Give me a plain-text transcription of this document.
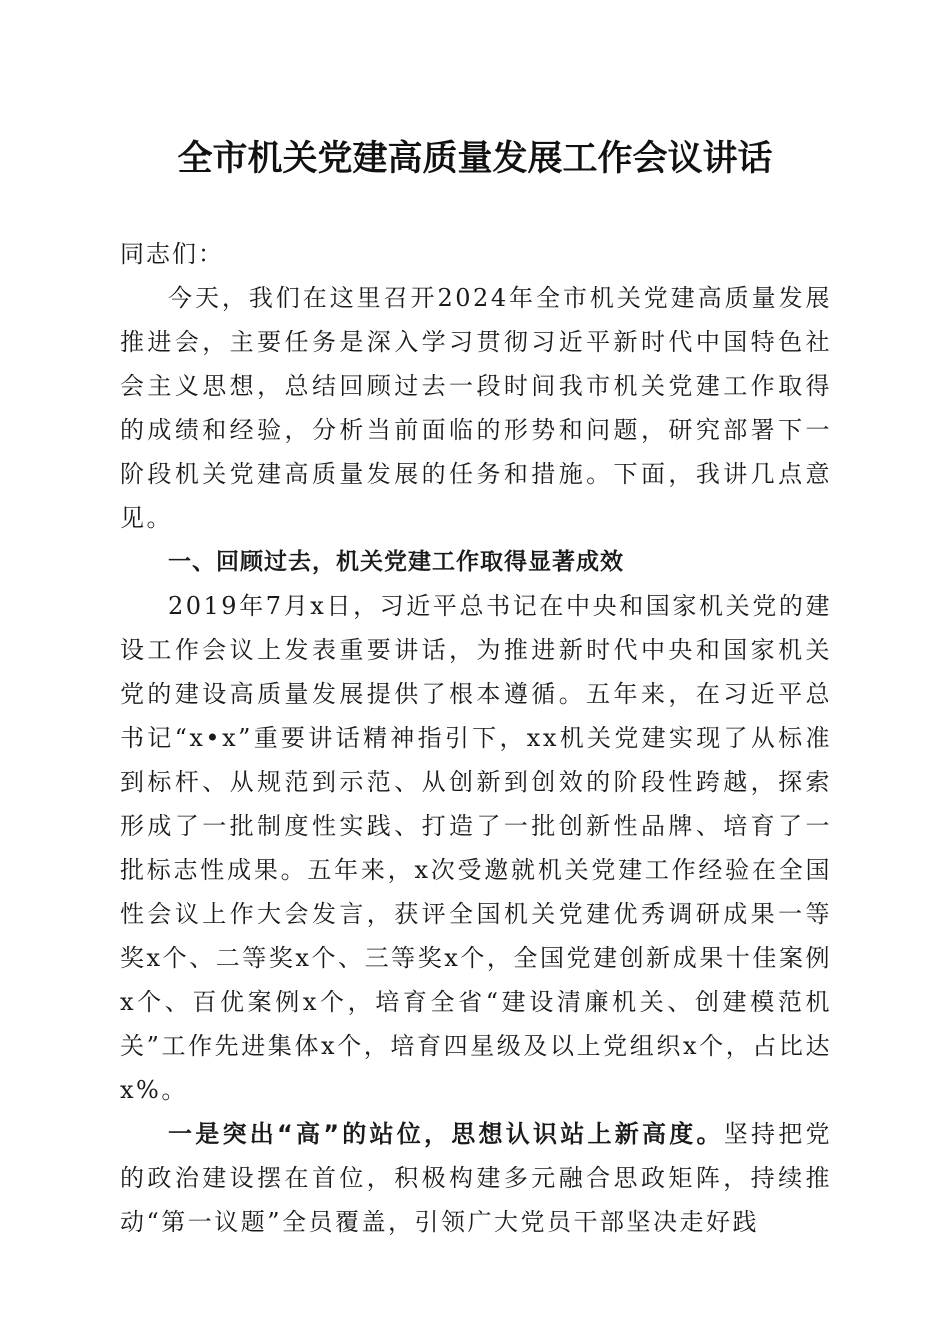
全市机关党建高质量发展工作会议讲话

同志们：

今天，我们在这里召开2024年全市机关党建高质量发展推进会，主要任务是深入学习贯彻习近平新时代中国特色社会主义思想，总结回顾过去一段时间我市机关党建工作取得的成绩和经验，分析当前面临的形势和问题，研究部署下一阶段机关党建高质量发展的任务和措施。下面，我讲几点意见。

一、回顾过去，机关党建工作取得显著成效

2019年7月x日，习近平总书记在中央和国家机关党的建设工作会议上发表重要讲话，为推进新时代中央和国家机关党的建设高质量发展提供了根本遵循。五年来，在习近平总书记“x•x”重要讲话精神指引下，xx机关党建实现了从标准到标杆、从规范到示范、从创新到创效的阶段性跨越，探索形成了一批制度性实践、打造了一批创新性品牌、培育了一批标志性成果。五年来，x次受邀就机关党建工作经验在全国性会议上作大会发言，获评全国机关党建优秀调研成果一等奖x个、二等奖x个、三等奖x个，全国党建创新成果十佳案例x个、百优案例x个，培育全省“建设清廉机关、创建模范机关”工作先进集体x个，培育四星级及以上党组织x个，占比达x%。

一是突出“高”的站位，思想认识站上新高度。坚持把党的政治建设摆在首位，积极构建多元融合思政矩阵，持续推动“第一议题”全员覆盖，引领广大党员干部坚决走好践
